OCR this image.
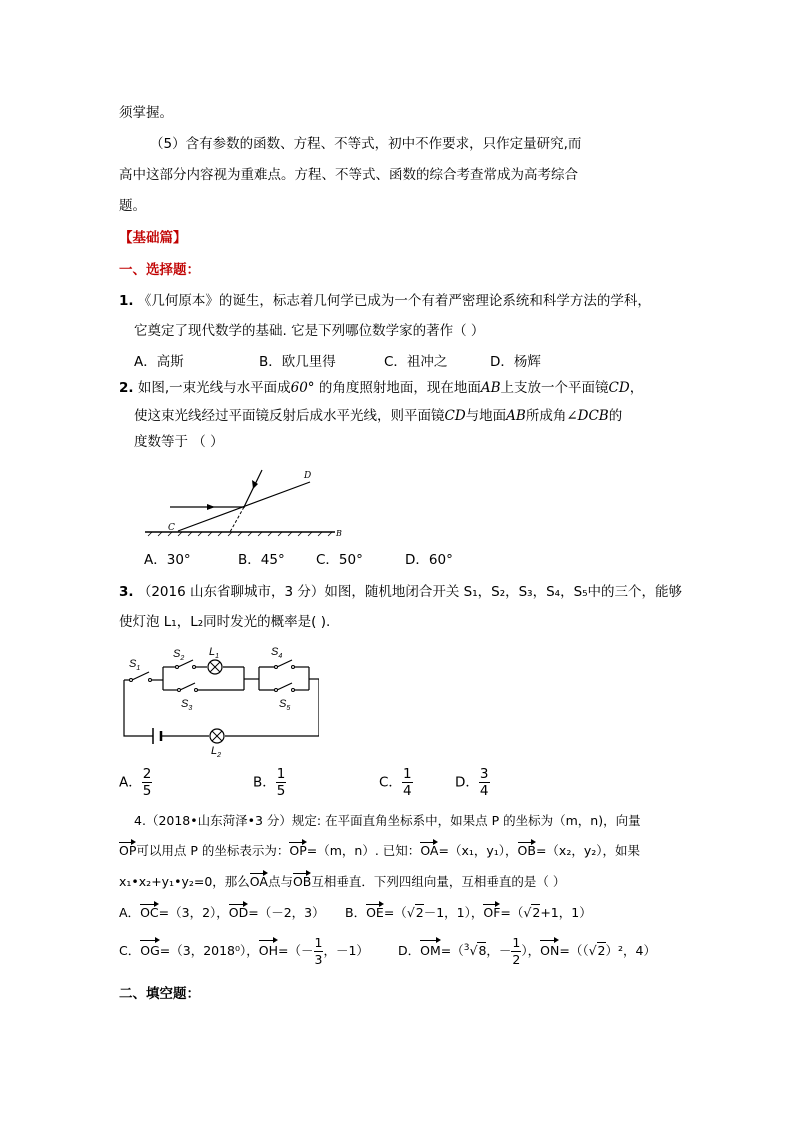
须掌握。
（5）含有参数的函数、方程、不等式，初中不作要求，只作定量研究,而
高中这部分内容视为重难点。方程、不等式、函数的综合考查常成为高考综合
题。
【基础篇】
一、选择题：
1. 《几何原本》的诞生，标志着几何学已成为一个有着严密理论系统和科学方法的学科，
它奠定了现代数学的基础. 它是下列哪位数学家的著作（ ）
A．高斯	B．欧几里得	C．祖冲之	D．杨辉
2. 如图,一束光线与水平面成60° 的角度照射地面，现在地面AB上支放一个平面镜CD，
使这束光线经过平面镜反射后成水平光线，则平面镜CD与地面AB所成角∠DCB的
度数等于 （ ）
C
D
B
A．30°	B．45° C．50°	D．60°
3. （2016 山东省聊城市，3 分）如图，随机地闭合开关 S₁，S₂，S₃，S₄，S₅中的三个，能够
使灯泡 L₁，L₂同时发光的概率是( ).
$S_1$
$S_2$
$L_1$
$S_3$
$S_4$
$S_5$
$L_2$
A． $\frac{2}{5}$	B． $\frac{1}{5}$	C． $\frac{1}{4}$	D． $\frac{3}{4}$
4.（2018•山东菏泽•3 分）规定: 在平面直角坐标系中，如果点 P 的坐标为（m，n)，向量
OP可以用点 P 的坐标表示为：OP=（m，n）. 已知：OA=（x₁，y₁），OB=（x₂，y₂），如果
x₁•x₂+y₁•y₂=0，那么OA点与OB互相垂直．下列四组向量，互相垂直的是（ ）
A．OC=（3，2），OD=（－2，3） B．OE=（√2－1，1），OF=（√2+1，1）
C．OG=（3，2018⁰），$OH=(- \frac{1}{3}$ ，－1） D．OM=（$^3$√8，－ $\frac{1}{2}$ ），ON=（（√2）²，4）
二、填空题：
